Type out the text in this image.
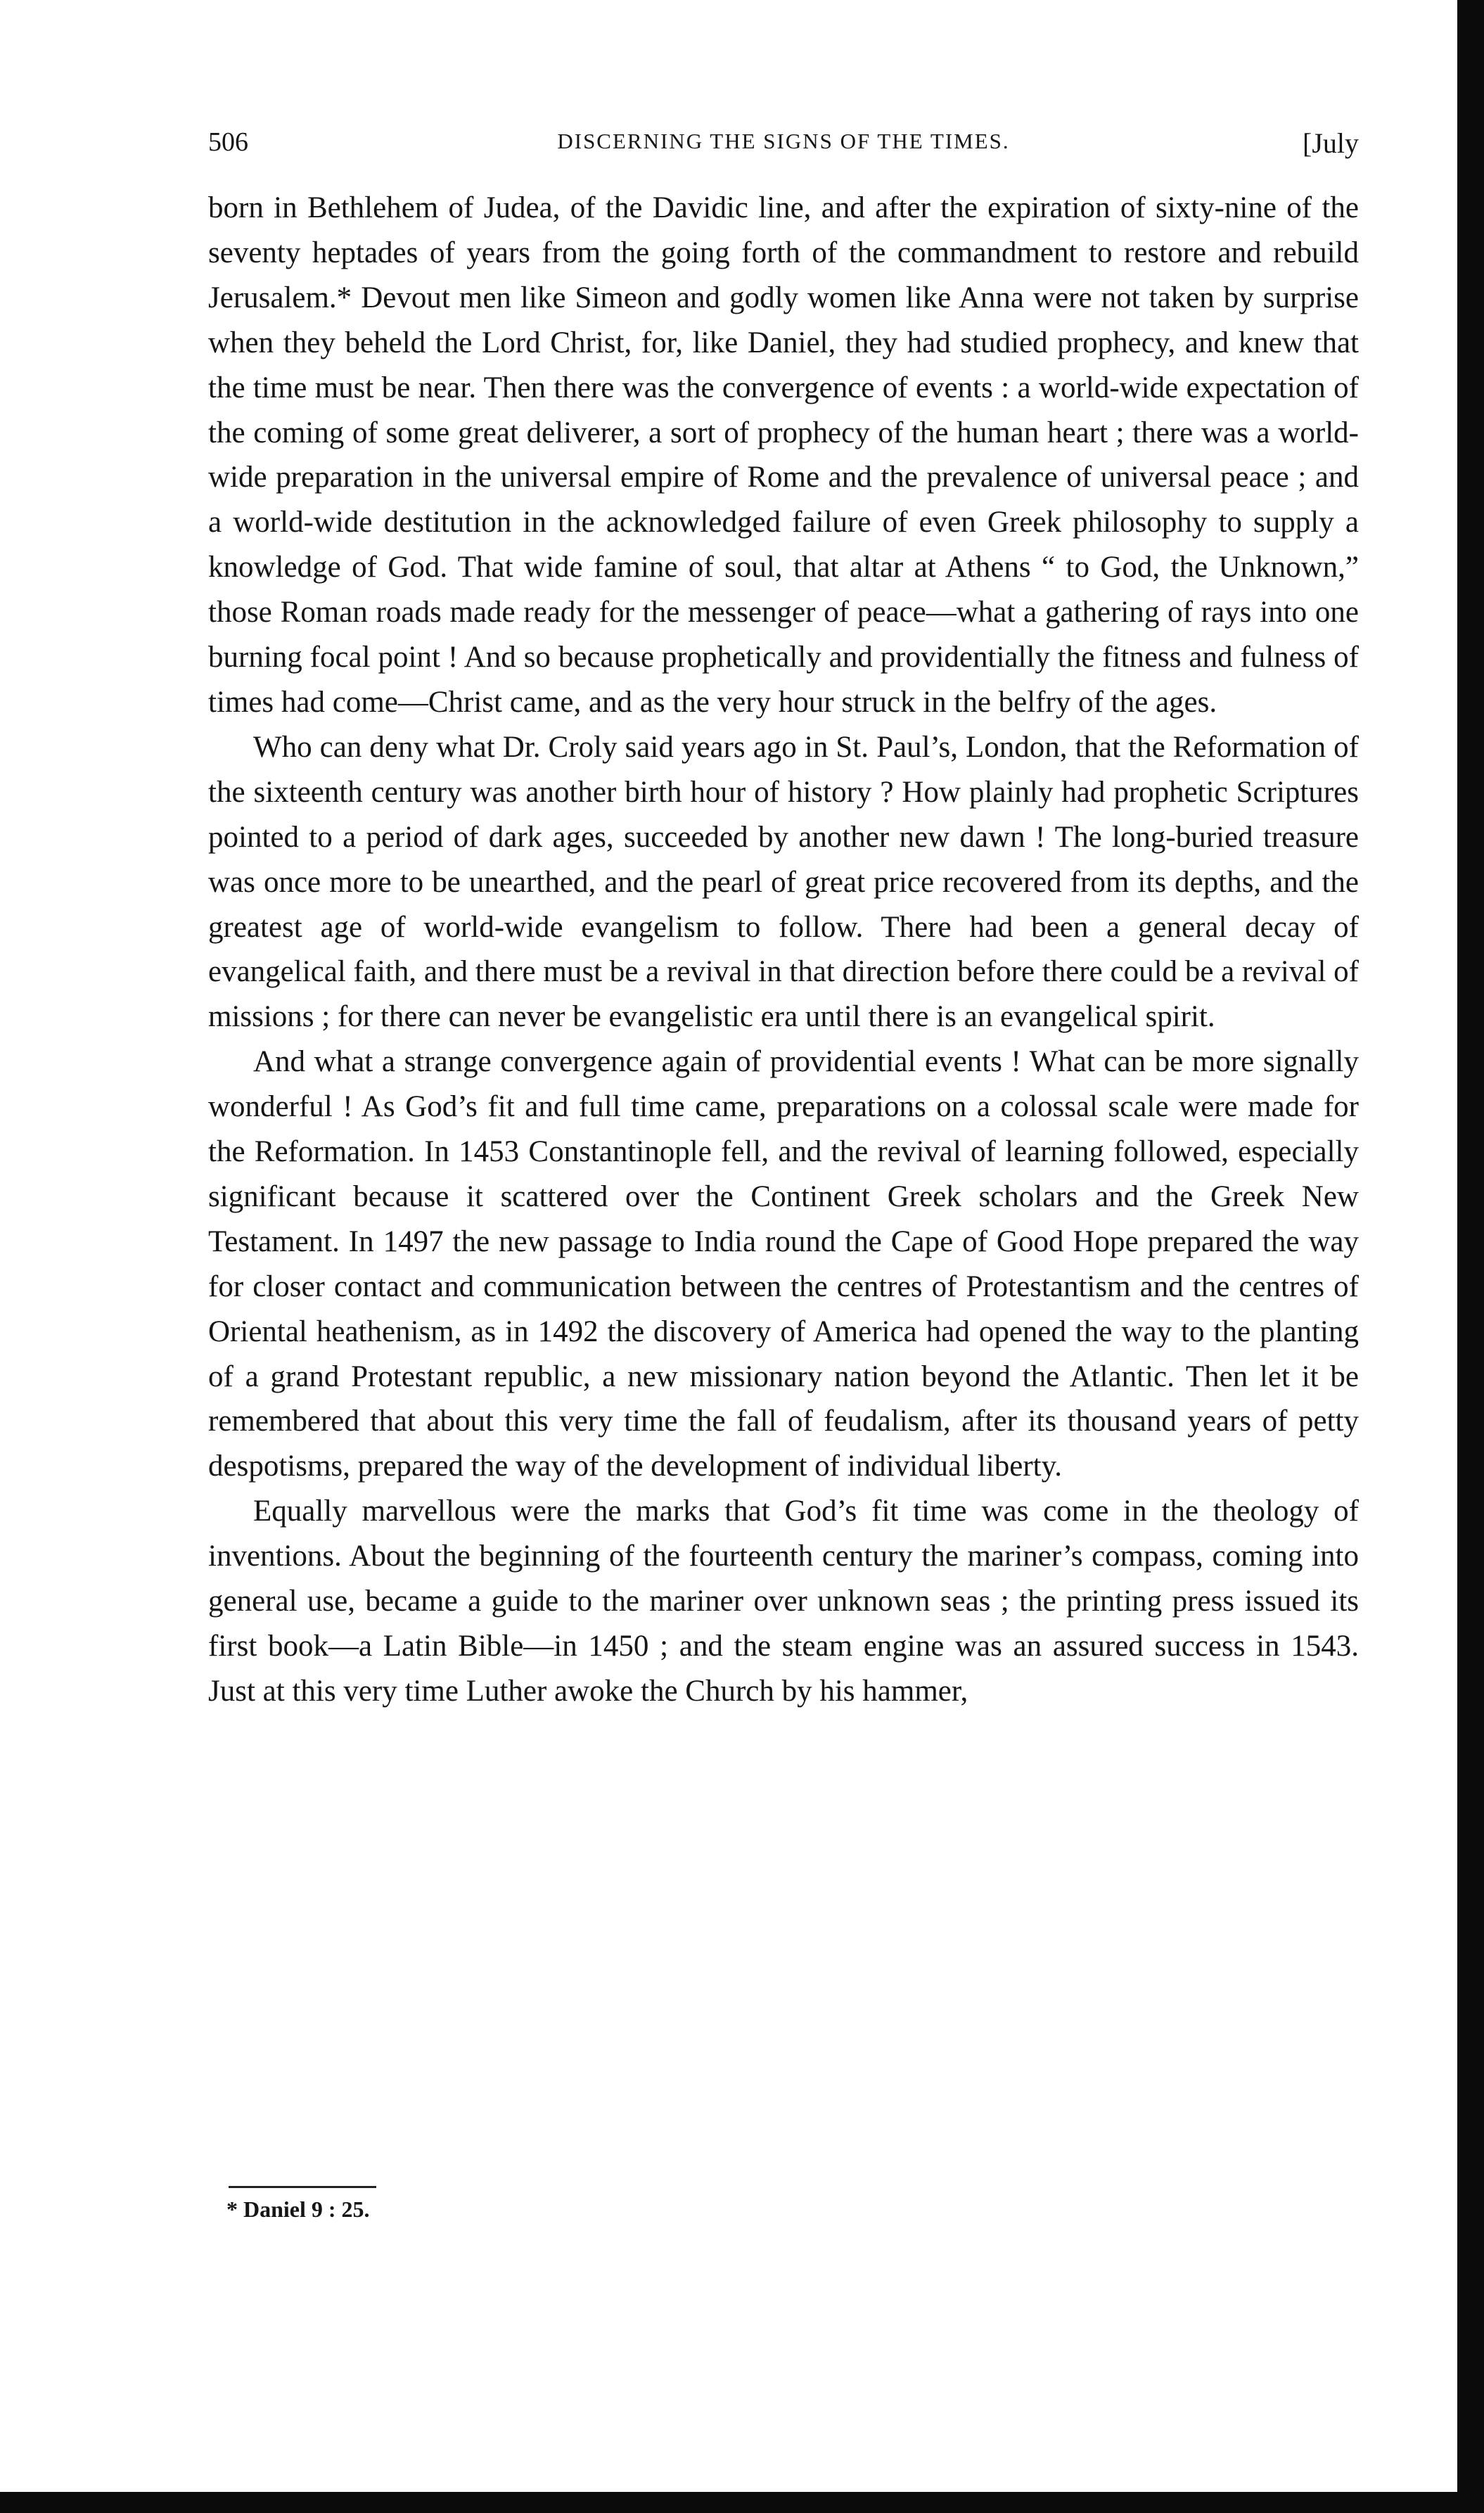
506	DISCERNING THE SIGNS OF THE TIMES.	[July

born in Bethlehem of Judea, of the Davidic line, and after the expiration of sixty-nine of the seventy heptades of years from the going forth of the commandment to restore and rebuild Jerusalem.* Devout men like Simeon and godly women like Anna were not taken by surprise when they beheld the Lord Christ, for, like Daniel, they had studied prophecy, and knew that the time must be near. Then there was the convergence of events : a world-wide expectation of the coming of some great deliverer, a sort of prophecy of the human heart ; there was a world-wide preparation in the universal empire of Rome and the prevalence of universal peace ; and a world-wide destitution in the acknowledged failure of even Greek philosophy to supply a knowledge of God. That wide famine of soul, that altar at Athens “ to God, the Unknown,” those Roman roads made ready for the messenger of peace—what a gathering of rays into one burning focal point ! And so because prophetically and providentially the fitness and fulness of times had come—Christ came, and as the very hour struck in the belfry of the ages.

Who can deny what Dr. Croly said years ago in St. Paul’s, London, that the Reformation of the sixteenth century was another birth hour of history ? How plainly had prophetic Scriptures pointed to a period of dark ages, succeeded by another new dawn ! The long-buried treasure was once more to be unearthed, and the pearl of great price recovered from its depths, and the greatest age of world-wide evangelism to follow. There had been a general decay of evangelical faith, and there must be a revival in that direction before there could be a revival of missions ; for there can never be evangelistic era until there is an evangelical spirit.

And what a strange convergence again of providential events ! What can be more signally wonderful ! As God’s fit and full time came, preparations on a colossal scale were made for the Reformation. In 1453 Constantinople fell, and the revival of learning followed, especially significant because it scattered over the Continent Greek scholars and the Greek New Testament. In 1497 the new passage to India round the Cape of Good Hope prepared the way for closer contact and communication between the centres of Protestantism and the centres of Oriental heathenism, as in 1492 the discovery of America had opened the way to the planting of a grand Protestant republic, a new missionary nation beyond the Atlantic. Then let it be remembered that about this very time the fall of feudalism, after its thousand years of petty despotisms, prepared the way of the development of individual liberty.

Equally marvellous were the marks that God’s fit time was come in the theology of inventions. About the beginning of the fourteenth century the mariner’s compass, coming into general use, became a guide to the mariner over unknown seas ; the printing press issued its first book—a Latin Bible—in 1450 ; and the steam engine was an assured success in 1543. Just at this very time Luther awoke the Church by his hammer,

* Daniel 9 : 25.
